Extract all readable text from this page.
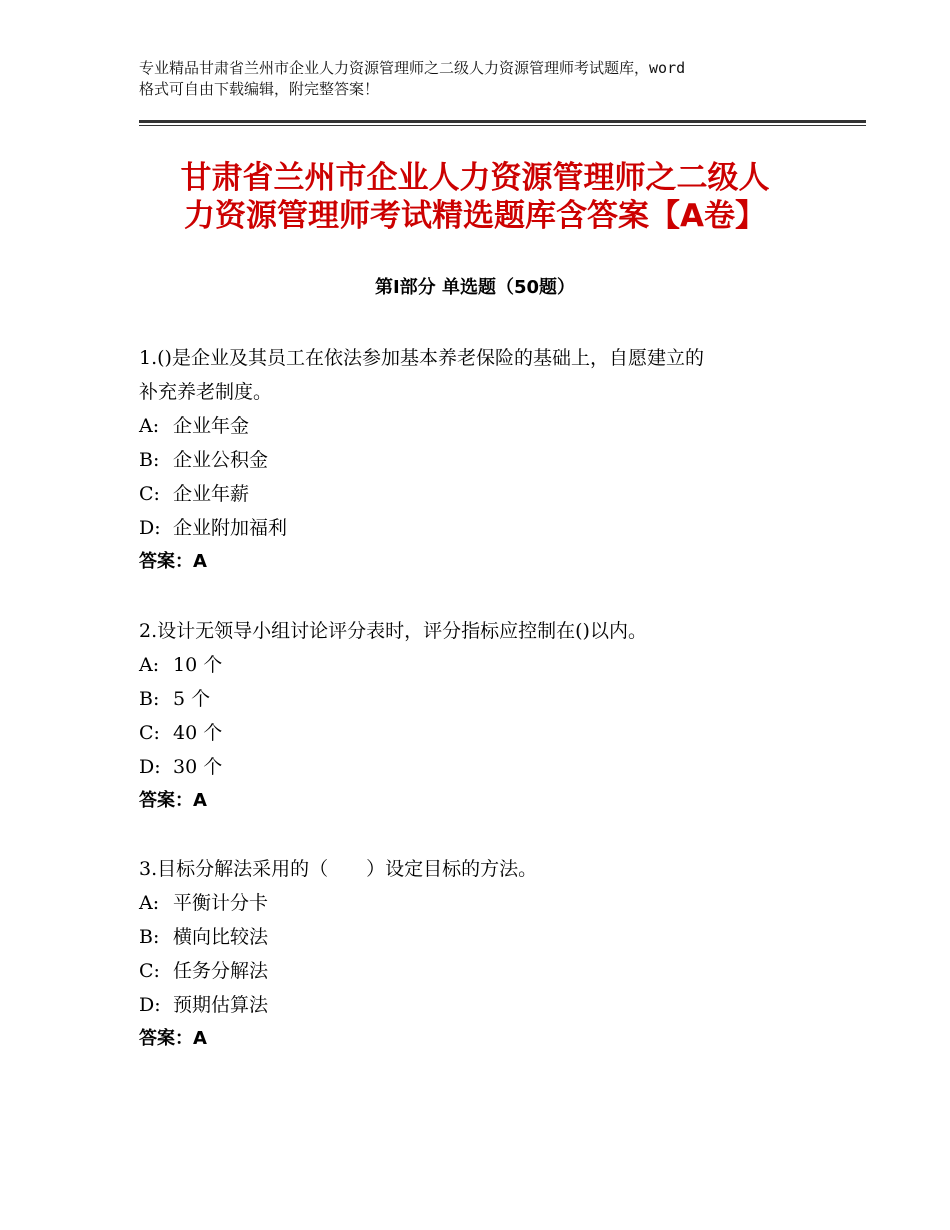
专业精品甘肃省兰州市企业人力资源管理师之二级人力资源管理师考试题库，word
格式可自由下载编辑，附完整答案！
甘肃省兰州市企业人力资源管理师之二级人
力资源管理师考试精选题库含答案【A卷】
第Ⅰ部分 单选题（50题）
1.()是企业及其员工在依法参加基本养老保险的基础上，自愿建立的
补充养老制度。
A: 企业年金
B: 企业公积金
C: 企业年薪
D: 企业附加福利
答案：A
2.设计无领导小组讨论评分表时，评分指标应控制在()以内。
A: 10 个
B: 5 个
C: 40 个
D: 30 个
答案：A
3.目标分解法采用的（　　）设定目标的方法。
A: 平衡计分卡
B: 横向比较法
C: 任务分解法
D: 预期估算法
答案：A
